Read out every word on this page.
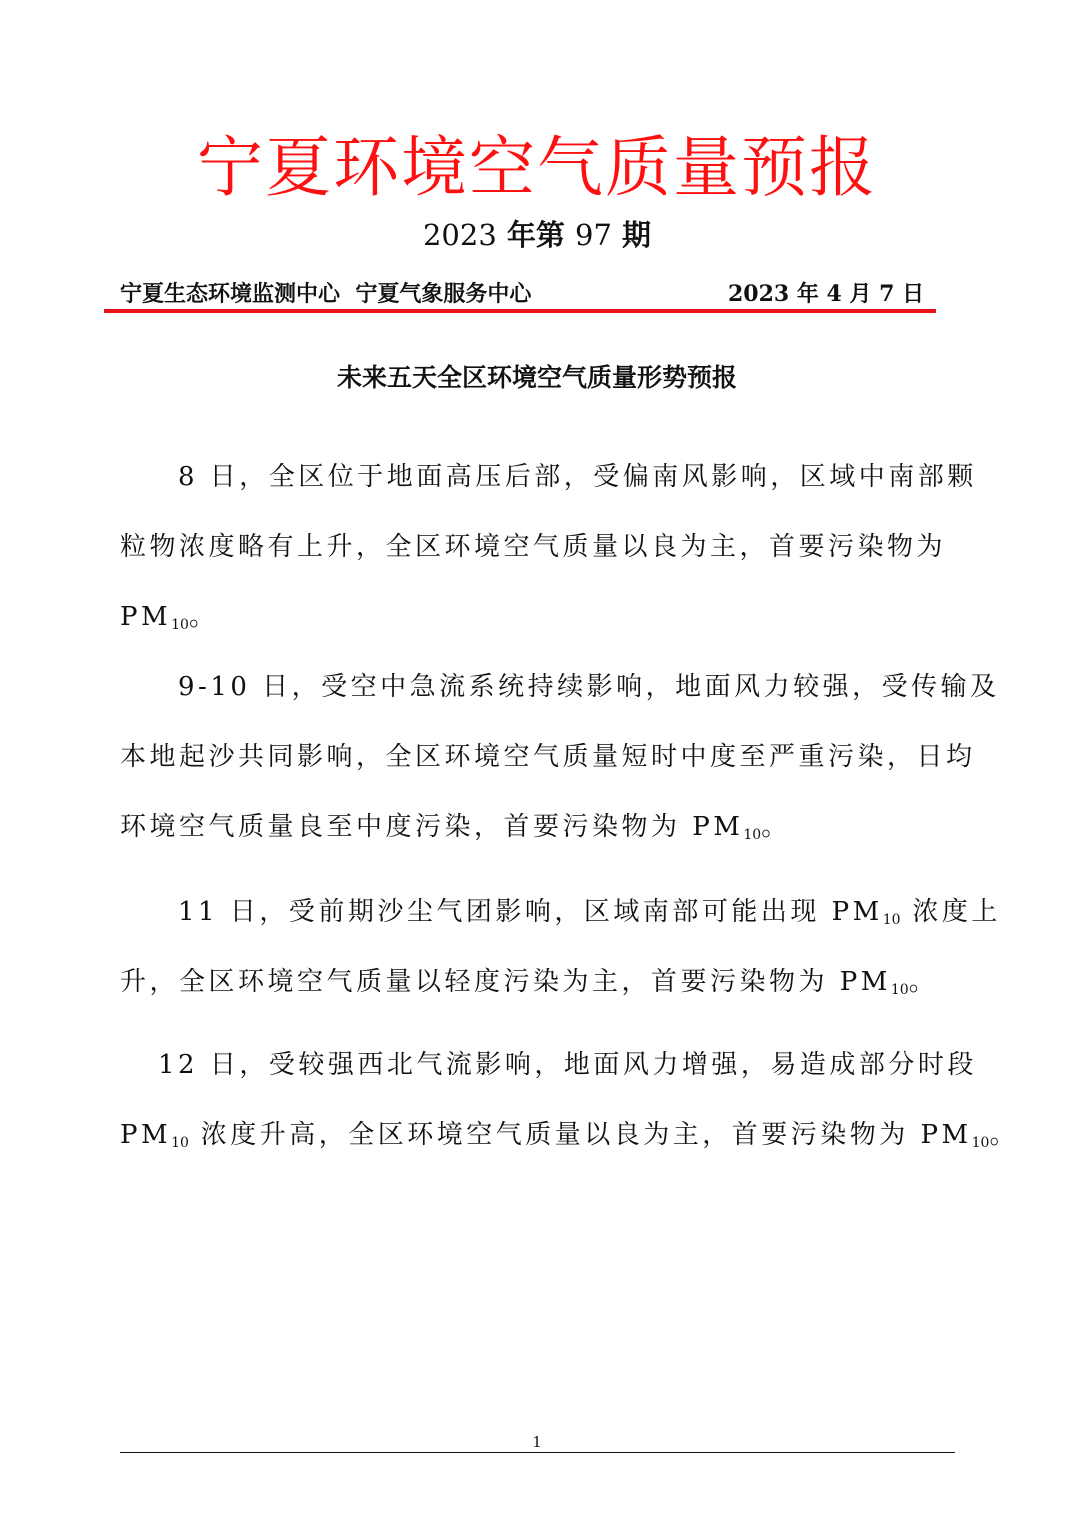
宁夏环境空气质量预报
2023 年第 97 期
宁夏生态环境监测中心  宁夏气象服务中心	2023 年 4 月 7 日
未来五天全区环境空气质量形势预报
8 日，全区位于地面高压后部，受偏南风影响，区域中南部颗
粒物浓度略有上升，全区环境空气质量以良为主，首要污染物为
$PM_{10}$。
9-10 日，受空中急流系统持续影响，地面风力较强，受传输及
本地起沙共同影响，全区环境空气质量短时中度至严重污染，日均
环境空气质量良至中度污染，首要污染物为 $PM_{10}$。
11 日，受前期沙尘气团影响，区域南部可能出现 $PM_{10}$ 浓度上
升，全区环境空气质量以轻度污染为主，首要污染物为 $PM_{10}$。
12 日，受较强西北气流影响，地面风力增强，易造成部分时段
$PM_{10}$ 浓度升高，全区环境空气质量以良为主，首要污染物为 $PM_{10}$。
1
